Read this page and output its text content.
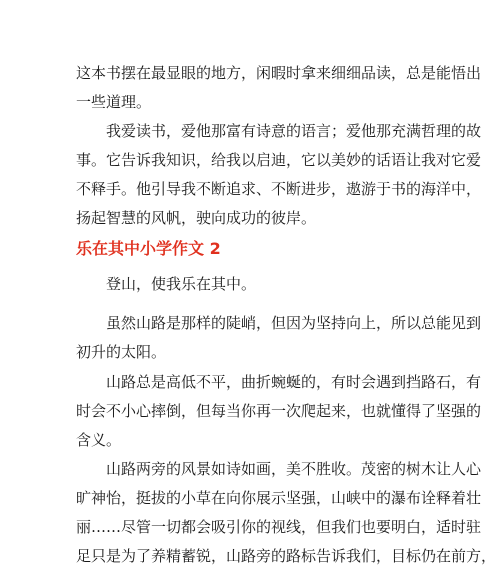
这本书摆在最显眼的地方，闲暇时拿来细细品读，总是能悟出
一些道理。

　　我爱读书，爱他那富有诗意的语言；爱他那充满哲理的故
事。它告诉我知识，给我以启迪，它以美妙的话语让我对它爱
不释手。他引导我不断追求、不断进步，遨游于书的海洋中，
扬起智慧的风帆，驶向成功的彼岸。

乐在其中小学作文 2

　　登山，使我乐在其中。

　　虽然山路是那样的陡峭，但因为坚持向上，所以总能见到
初升的太阳。

　　山路总是高低不平，曲折蜿蜒的，有时会遇到挡路石，有
时会不小心摔倒，但每当你再一次爬起来，也就懂得了坚强的
含义。

　　山路两旁的风景如诗如画，美不胜收。茂密的树木让人心
旷神怡，挺拔的小草在向你展示坚强，山峡中的瀑布诠释着壮
丽……尽管一切都会吸引你的视线，但我们也要明白，适时驻
足只是为了养精蓄锐，山路旁的路标告诉我们，目标仍在前方，
